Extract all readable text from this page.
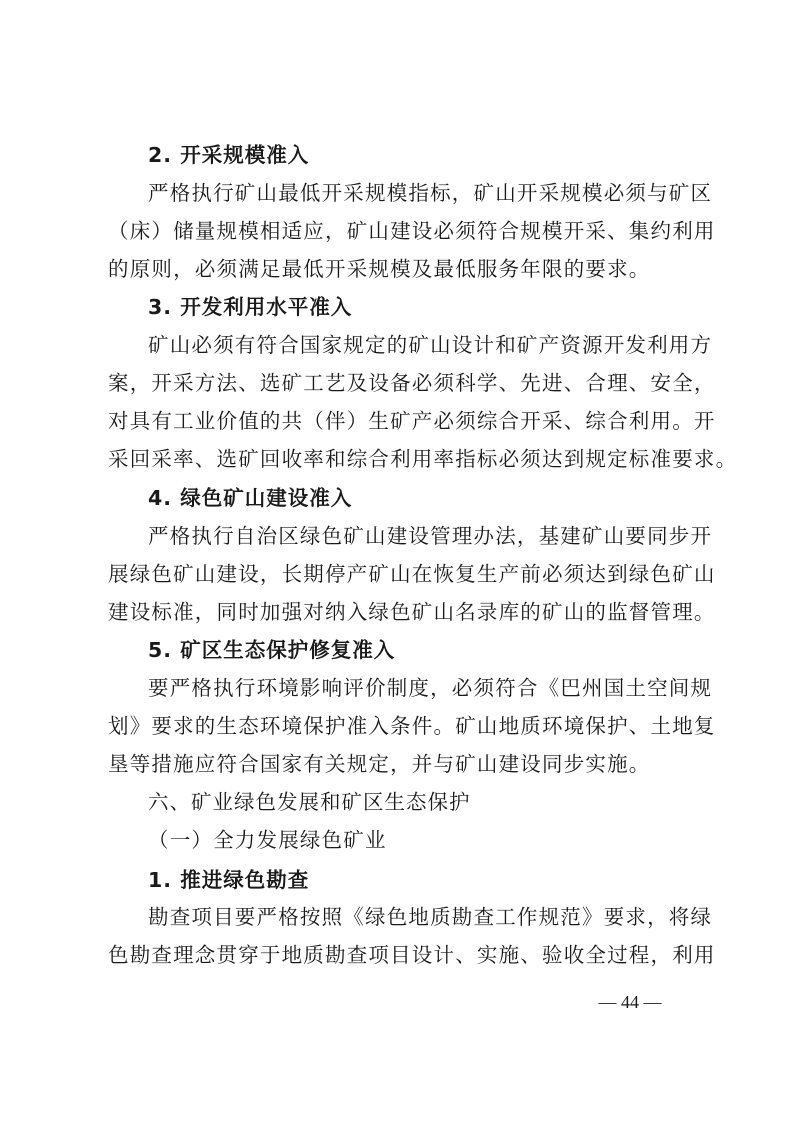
2. 开采规模准入
严格执行矿山最低开采规模指标，矿山开采规模必须与矿区
（床）储量规模相适应，矿山建设必须符合规模开采、集约利用
的原则，必须满足最低开采规模及最低服务年限的要求。
3. 开发利用水平准入
矿山必须有符合国家规定的矿山设计和矿产资源开发利用方
案，开采方法、选矿工艺及设备必须科学、先进、合理、安全，
对具有工业价值的共（伴）生矿产必须综合开采、综合利用。开
采回采率、选矿回收率和综合利用率指标必须达到规定标准要求。
4. 绿色矿山建设准入
严格执行自治区绿色矿山建设管理办法，基建矿山要同步开
展绿色矿山建设，长期停产矿山在恢复生产前必须达到绿色矿山
建设标准，同时加强对纳入绿色矿山名录库的矿山的监督管理。
5. 矿区生态保护修复准入
要严格执行环境影响评价制度，必须符合《巴州国土空间规
划》要求的生态环境保护准入条件。矿山地质环境保护、土地复
垦等措施应符合国家有关规定，并与矿山建设同步实施。
六、矿业绿色发展和矿区生态保护
（一）全力发展绿色矿业
1. 推进绿色勘查
勘查项目要严格按照《绿色地质勘查工作规范》要求，将绿
色勘查理念贯穿于地质勘查项目设计、实施、验收全过程，利用
— 44 —
